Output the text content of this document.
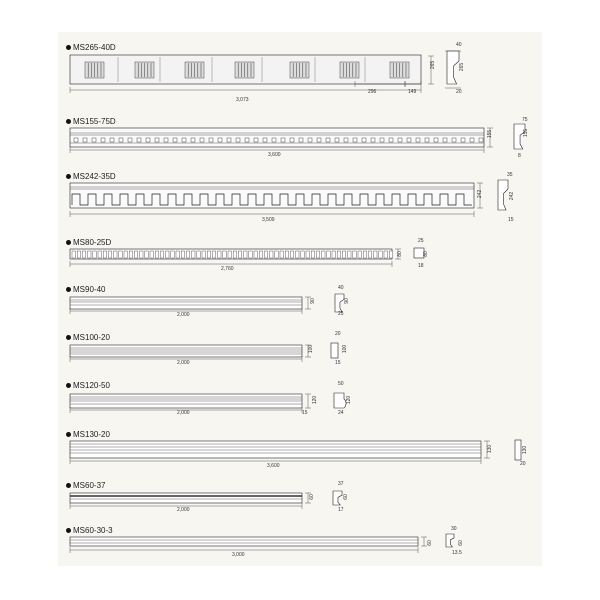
MS265-40D
MS155-75D
MS242-35D
MS80-25D
MS90-40
MS100-20
MS120-50
MS130-20
MS60-37
MS60-30-3
3,073
296	149
3,600
3,509
2,760
2,000
2,000
2,000
3,600
2,000
3,000
40
20
75
8
35
15
25
18
40
25
20
15
50
24
15
20
37
17
30
13.5
265	265
155	155
242	242
80	80
90	90
100	100
120	120
130	130
60	60
60	60
